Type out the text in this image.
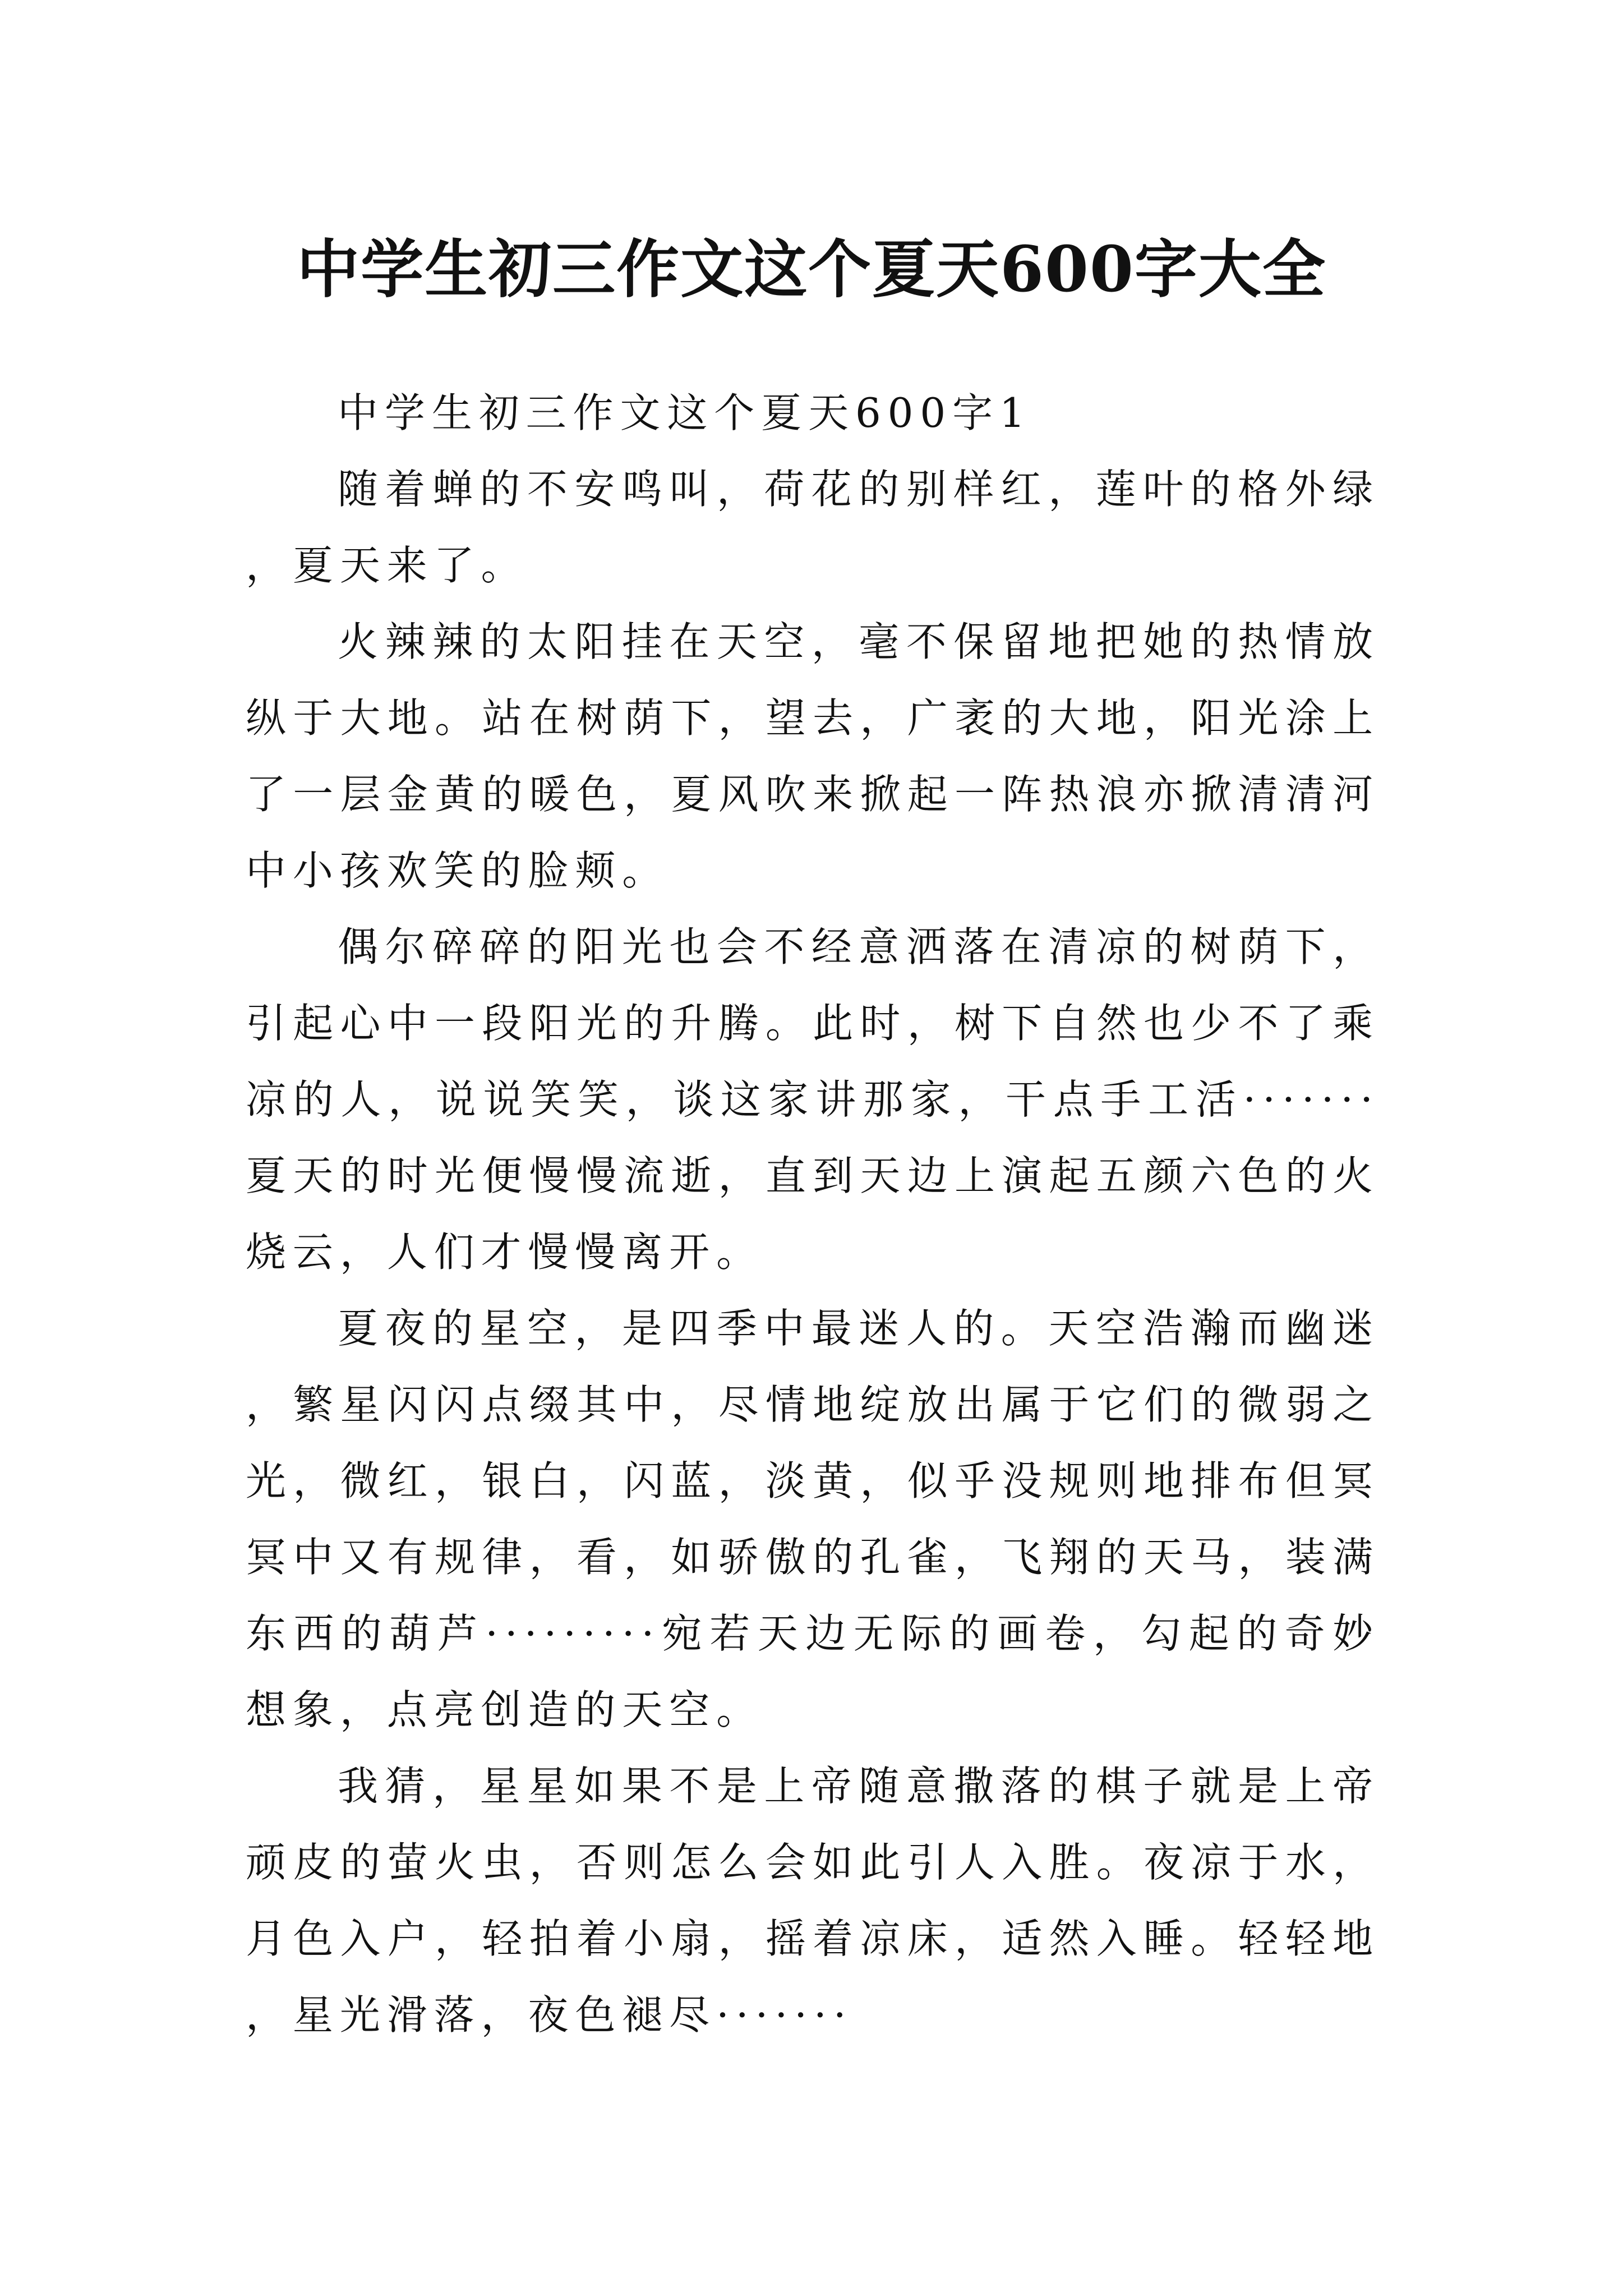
中学生初三作文这个夏天600字大全

中学生初三作文这个夏天600字1

随着蝉的不安鸣叫，荷花的别样红，莲叶的格外绿，夏天来了。

火辣辣的太阳挂在天空，毫不保留地把她的热情放纵于大地。站在树荫下，望去，广袤的大地，阳光涂上了一层金黄的暖色，夏风吹来掀起一阵热浪亦掀清清河中小孩欢笑的脸颊。

偶尔碎碎的阳光也会不经意洒落在清凉的树荫下，引起心中一段阳光的升腾。此时，树下自然也少不了乘凉的人，说说笑笑，谈这家讲那家，干点手工活·······夏天的时光便慢慢流逝，直到天边上演起五颜六色的火烧云，人们才慢慢离开。

夏夜的星空，是四季中最迷人的。天空浩瀚而幽迷，繁星闪闪点缀其中，尽情地绽放出属于它们的微弱之光，微红，银白，闪蓝，淡黄，似乎没规则地排布但冥冥中又有规律，看，如骄傲的孔雀，飞翔的天马，装满东西的葫芦·········宛若天边无际的画卷，勾起的奇妙想象，点亮创造的天空。

我猜，星星如果不是上帝随意撒落的棋子就是上帝顽皮的萤火虫，否则怎么会如此引人入胜。夜凉于水，月色入户，轻拍着小扇，摇着凉床，适然入睡。轻轻地，星光滑落，夜色褪尽·······
